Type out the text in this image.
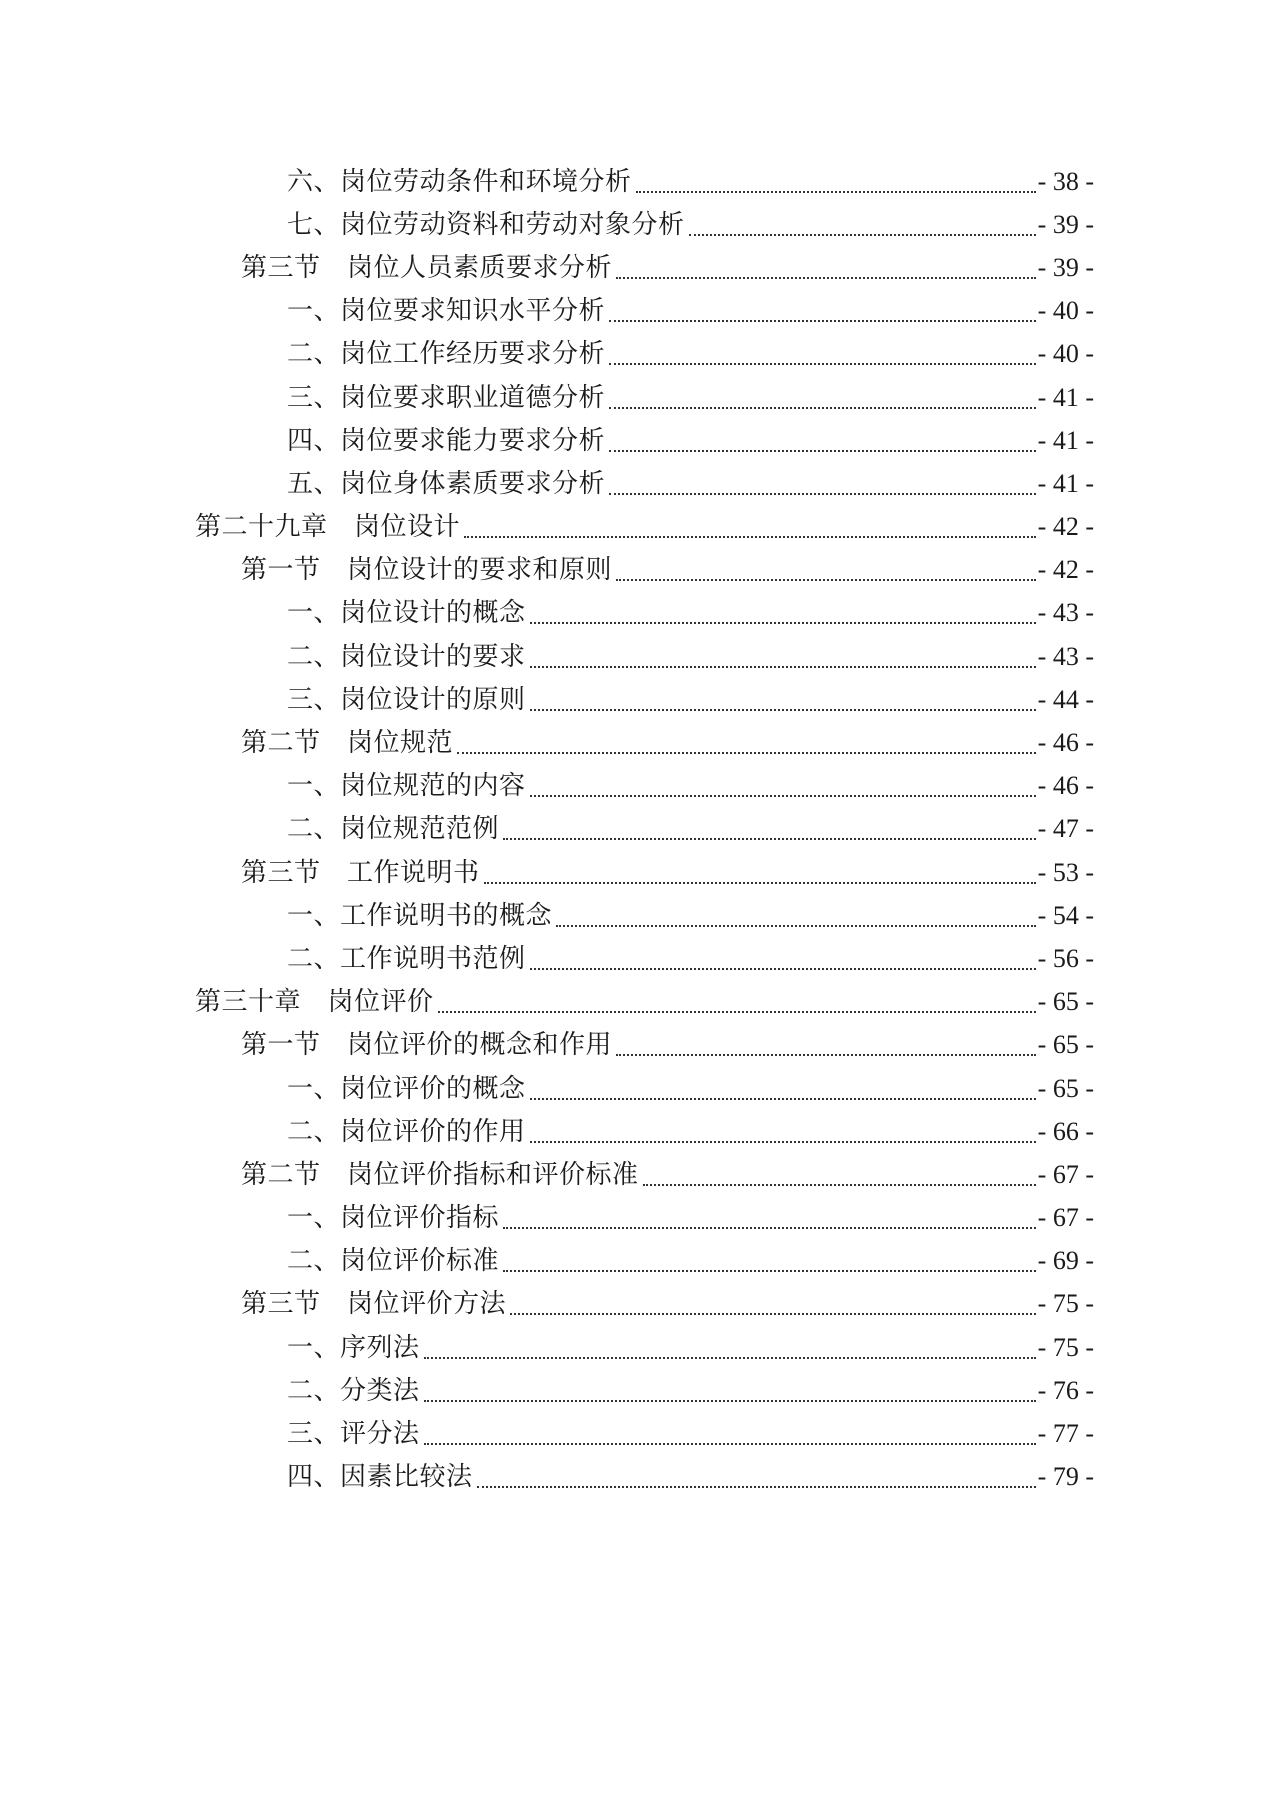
六、岗位劳动条件和环境分析	- 38 -
七、岗位劳动资料和劳动对象分析	- 39 -
第三节　岗位人员素质要求分析	- 39 -
一、岗位要求知识水平分析	- 40 -
二、岗位工作经历要求分析	- 40 -
三、岗位要求职业道德分析	- 41 -
四、岗位要求能力要求分析	- 41 -
五、岗位身体素质要求分析	- 41 -
第二十九章　岗位设计	- 42 -
第一节　岗位设计的要求和原则	- 42 -
一、岗位设计的概念	- 43 -
二、岗位设计的要求	- 43 -
三、岗位设计的原则	- 44 -
第二节　岗位规范	- 46 -
一、岗位规范的内容	- 46 -
二、岗位规范范例	- 47 -
第三节　工作说明书	- 53 -
一、工作说明书的概念	- 54 -
二、工作说明书范例	- 56 -
第三十章　岗位评价	- 65 -
第一节　岗位评价的概念和作用	- 65 -
一、岗位评价的概念	- 65 -
二、岗位评价的作用	- 66 -
第二节　岗位评价指标和评价标准	- 67 -
一、岗位评价指标	- 67 -
二、岗位评价标准	- 69 -
第三节　岗位评价方法	- 75 -
一、序列法	- 75 -
二、分类法	- 76 -
三、评分法	- 77 -
四、因素比较法	- 79 -
